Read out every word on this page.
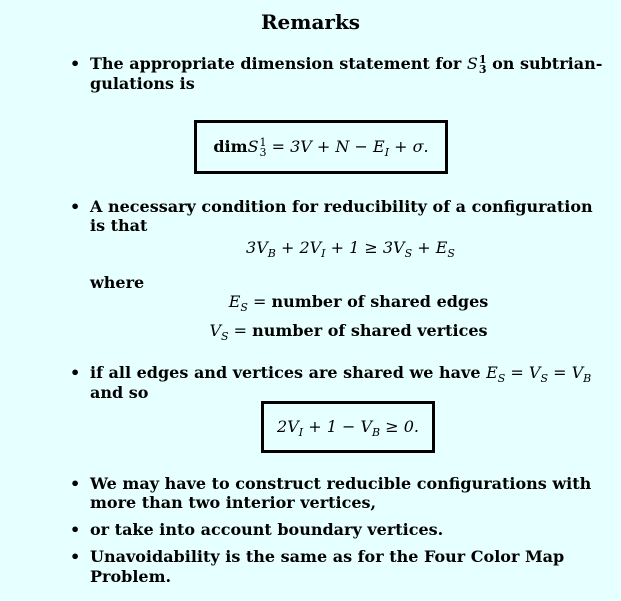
Remarks
• The appropriate dimension statement for S 1
3 on subtrian-
gulations is
dimS 1
$3 = 3V + N - E_I + \sigma$.
• A necessary condition for reducibility of a configuration
is that
$3V_B + 2V_I + 1 \ge 3V_S + E_S$
where
$E_S$ = number of shared edges
$V_S$ = number of shared vertices
• if all edges and vertices are shared we have $E_S = V_S = V_B$
and so
$2V_I + 1 - V_B \ge 0$.
• We may have to construct reducible configurations with
more than two interior vertices,
• or take into account boundary vertices.
• Unavoidability is the same as for the Four Color Map
Problem.
